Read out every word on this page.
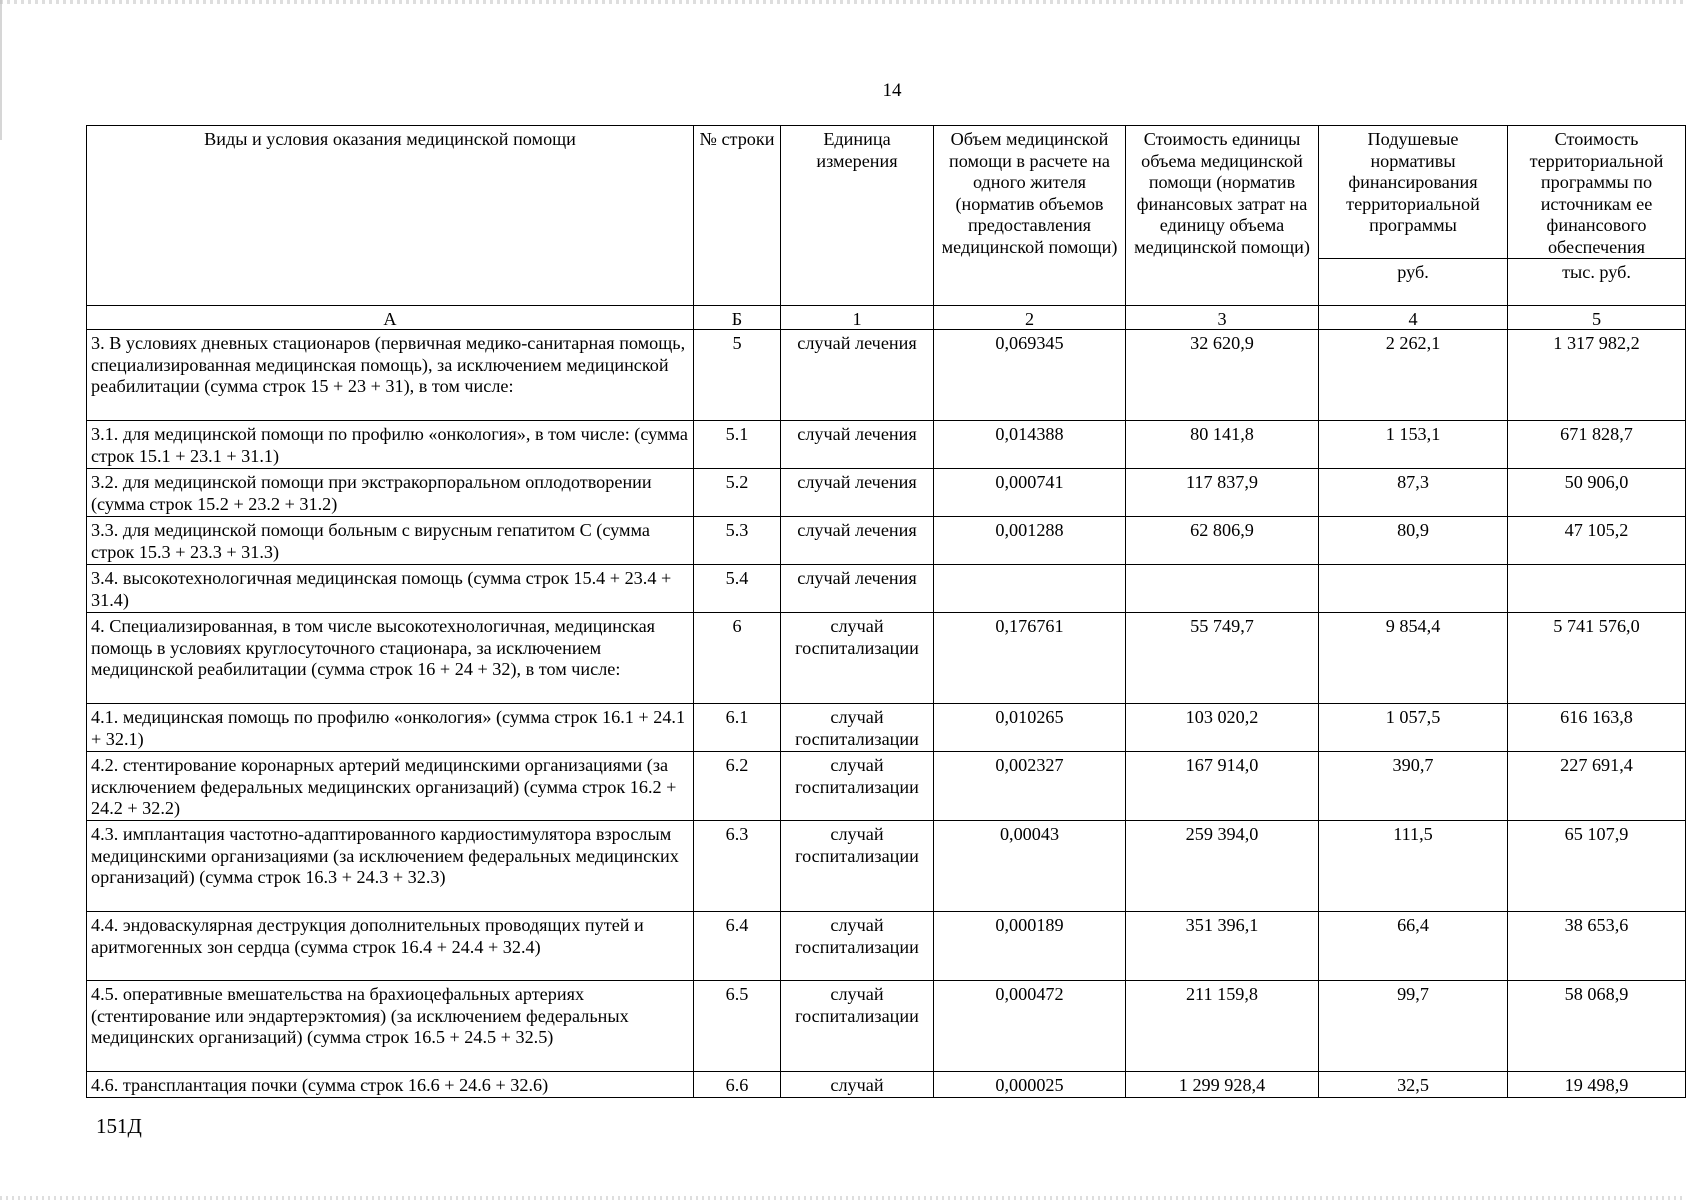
14
Виды и условия оказания медицинской помощи	№ строки	Единица измерения	Объем медицинской помощи в расчете на одного жителя (норматив объемов предоставления медицинской помощи)	Стоимость единицы объема медицинской помощи (норматив финансовых затрат на единицу объема медицинской помощи)	Подушевые нормативы финансирования территориальной программы	Стоимость территориальной программы по источникам ее финансового обеспечения
					руб.	тыс. руб.
А	Б	1	2	3	4	5
3. В условиях дневных стационаров (первичная медико-санитарная помощь, специализированная медицинская помощь), за исключением медицинской реабилитации (сумма строк 15 + 23 + 31), в том числе:	5	случай лечения	0,069345	32 620,9	2 262,1	1 317 982,2
3.1. для медицинской помощи по профилю «онкология», в том числе: (сумма строк 15.1 + 23.1 + 31.1)	5.1	случай лечения	0,014388	80 141,8	1 153,1	671 828,7
3.2. для медицинской помощи при экстракорпоральном оплодотворении (сумма строк 15.2 + 23.2 + 31.2)	5.2	случай лечения	0,000741	117 837,9	87,3	50 906,0
3.3. для медицинской помощи больным с вирусным гепатитом С (сумма строк 15.3 + 23.3 + 31.3)	5.3	случай лечения	0,001288	62 806,9	80,9	47 105,2
3.4. высокотехнологичная медицинская помощь (сумма строк 15.4 + 23.4 + 31.4)	5.4	случай лечения				
4. Специализированная, в том числе высокотехнологичная, медицинская помощь в условиях круглосуточного стационара, за исключением медицинской реабилитации (сумма строк 16 + 24 + 32), в том числе:	6	случай госпитализации	0,176761	55 749,7	9 854,4	5 741 576,0
4.1. медицинская помощь по профилю «онкология» (сумма строк 16.1 + 24.1 + 32.1)	6.1	случай госпитализации	0,010265	103 020,2	1 057,5	616 163,8
4.2. стентирование коронарных артерий медицинскими организациями (за исключением федеральных медицинских организаций) (сумма строк 16.2 + 24.2 + 32.2)	6.2	случай госпитализации	0,002327	167 914,0	390,7	227 691,4
4.3. имплантация частотно-адаптированного кардиостимулятора взрослым медицинскими организациями (за исключением федеральных медицинских организаций) (сумма строк 16.3 + 24.3 + 32.3)	6.3	случай госпитализации	0,00043	259 394,0	111,5	65 107,9
4.4. эндоваскулярная деструкция дополнительных проводящих путей и аритмогенных зон сердца (сумма строк 16.4 + 24.4 + 32.4)	6.4	случай госпитализации	0,000189	351 396,1	66,4	38 653,6
4.5. оперативные вмешательства на брахиоцефальных артериях (стентирование или эндартерэктомия) (за исключением федеральных медицинских организаций) (сумма строк 16.5 + 24.5 + 32.5)	6.5	случай госпитализации	0,000472	211 159,8	99,7	58 068,9
4.6. трансплантация почки (сумма строк 16.6 + 24.6 + 32.6)	6.6	случай	0,000025	1 299 928,4	32,5	19 498,9
151Д
